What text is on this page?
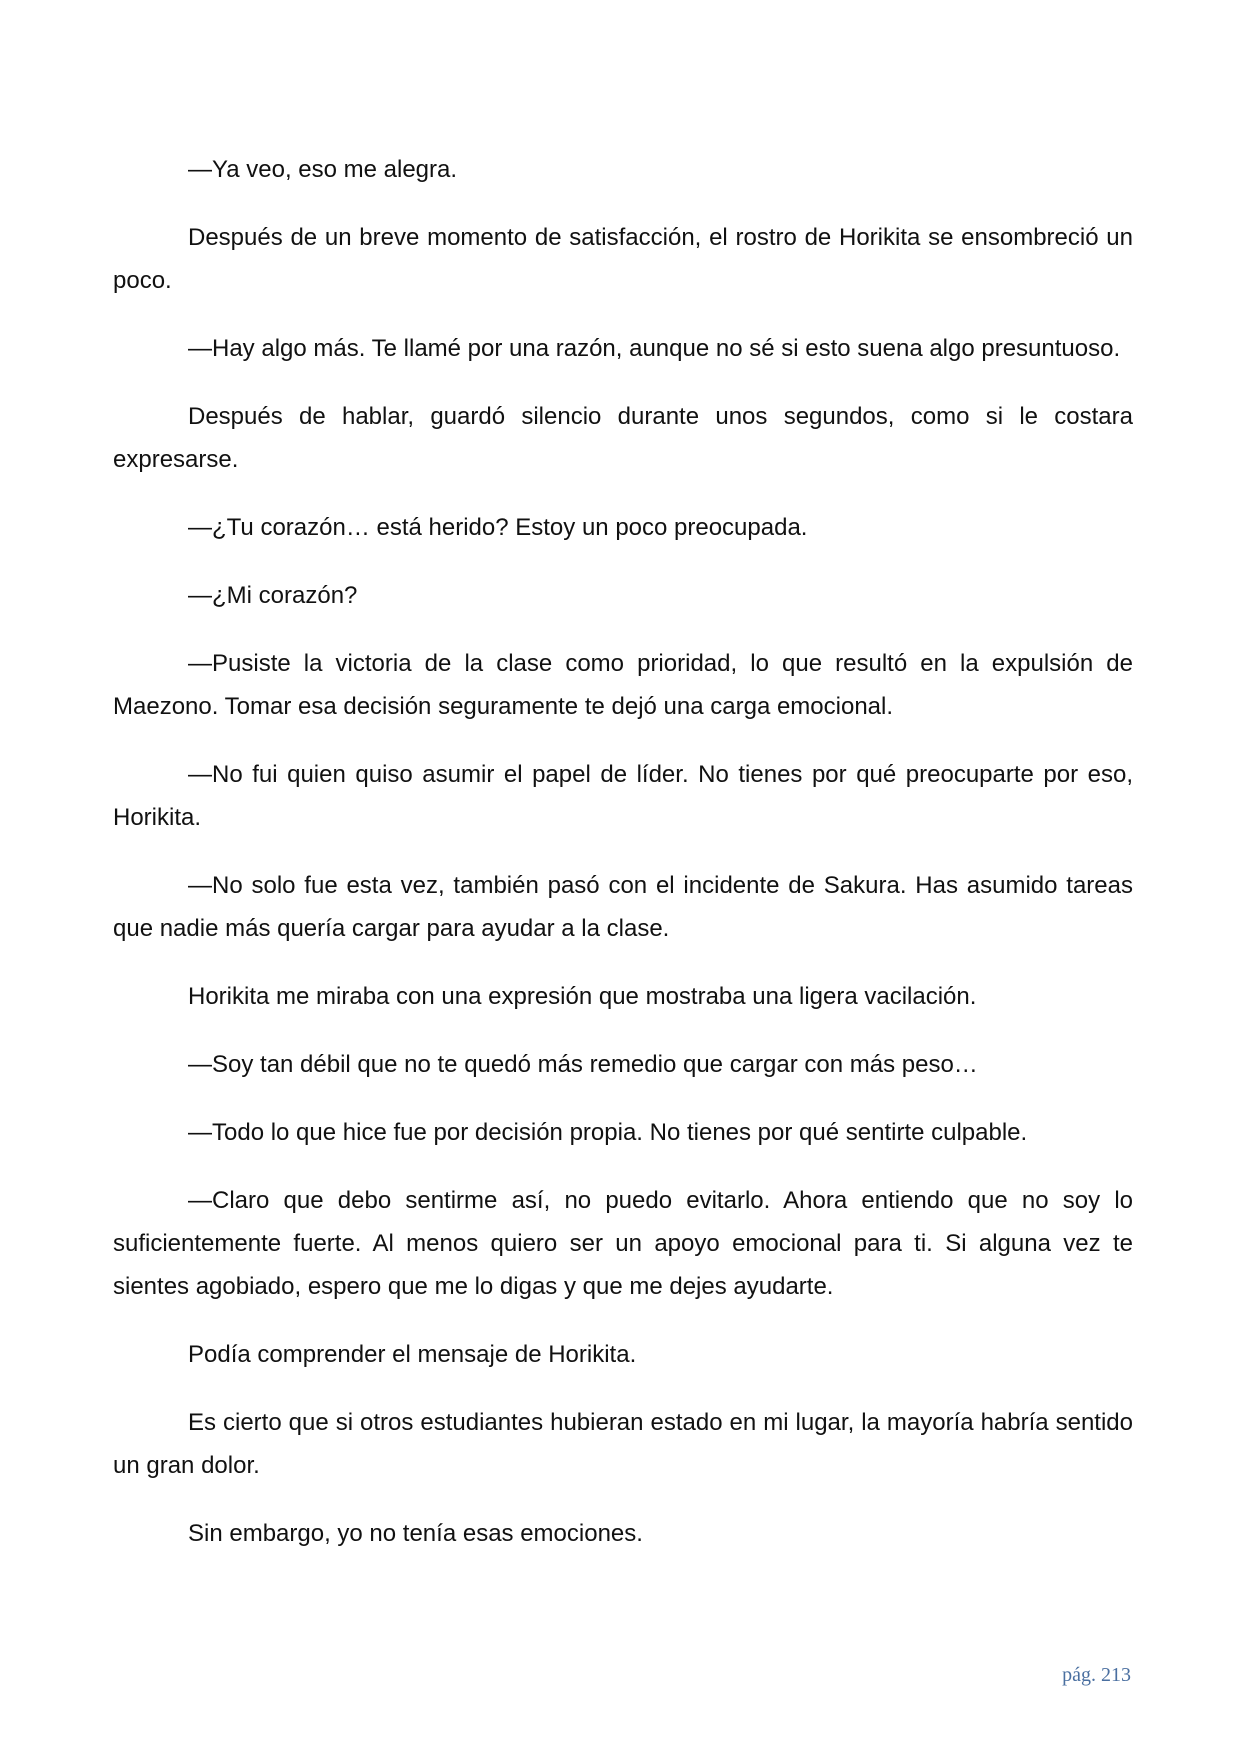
—Ya veo, eso me alegra.

Después de un breve momento de satisfacción, el rostro de Horikita se ensombreció un poco.

—Hay algo más. Te llamé por una razón, aunque no sé si esto suena algo presuntuoso.

Después de hablar, guardó silencio durante unos segundos, como si le costara expresarse.

—¿Tu corazón… está herido? Estoy un poco preocupada.

—¿Mi corazón?

—Pusiste la victoria de la clase como prioridad, lo que resultó en la expulsión de Maezono. Tomar esa decisión seguramente te dejó una carga emocional.

—No fui quien quiso asumir el papel de líder. No tienes por qué preocuparte por eso, Horikita.

—No solo fue esta vez, también pasó con el incidente de Sakura. Has asumido tareas que nadie más quería cargar para ayudar a la clase.

Horikita me miraba con una expresión que mostraba una ligera vacilación.

—Soy tan débil que no te quedó más remedio que cargar con más peso…

—Todo lo que hice fue por decisión propia. No tienes por qué sentirte culpable.

—Claro que debo sentirme así, no puedo evitarlo. Ahora entiendo que no soy lo suficientemente fuerte. Al menos quiero ser un apoyo emocional para ti. Si alguna vez te sientes agobiado, espero que me lo digas y que me dejes ayudarte.

Podía comprender el mensaje de Horikita.

Es cierto que si otros estudiantes hubieran estado en mi lugar, la mayoría habría sentido un gran dolor.

Sin embargo, yo no tenía esas emociones.

pág. 213
